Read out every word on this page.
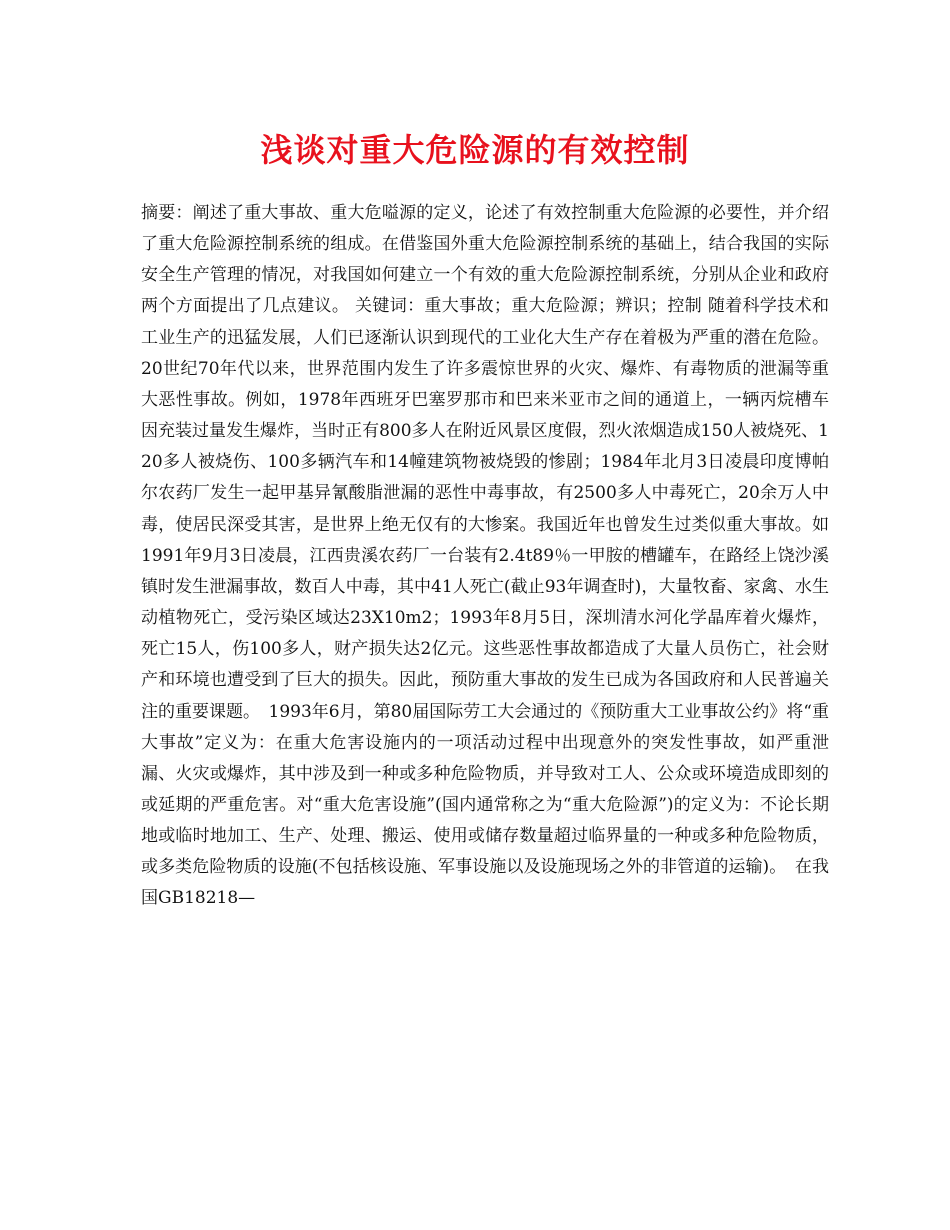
浅谈对重大危险源的有效控制

摘要：阐述了重大事故、重大危嗌源的定义，论述了有效控制重大危险源的必要性，并介绍了重大危险源控制系统的组成。在借鉴国外重大危险源控制系统的基础上，结合我国的实际安全生产管理的情况，对我国如何建立一个有效的重大危险源控制系统，分别从企业和政府两个方面提出了几点建议。 关键词：重大事故；重大危险源；辨识；控制 随着科学技术和工业生产的迅猛发展，人们已逐渐认识到现代的工业化大生产存在着极为严重的潜在危险。20世纪70年代以来，世界范围内发生了许多震惊世界的火灾、爆炸、有毒物质的泄漏等重大恶性事故。例如，1978年西班牙巴塞罗那市和巴来米亚市之间的通道上，一辆丙烷槽车因充装过量发生爆炸，当时正有800多人在附近风景区度假，烈火浓烟造成150人被烧死、120多人被烧伤、100多辆汽车和14幢建筑物被烧毁的惨剧；1984年北月3日凌晨印度博帕尔农药厂发生一起甲基异氰酸脂泄漏的恶性中毒事故，有2500多人中毒死亡，20余万人中毒，使居民深受其害，是世界上绝无仅有的大惨案。我国近年也曾发生过类似重大事故。如1991年9月3日凌晨，江西贵溪农药厂一台装有2.4t89％一甲胺的槽罐车，在路经上饶沙溪镇时发生泄漏事故，数百人中毒，其中41人死亡(截止93年调查时)，大量牧畜、家禽、水生动植物死亡，受污染区域达23X10m2；1993年8月5日，深圳清水河化学晶库着火爆炸，死亡15人，伤100多人，财产损失达2亿元。这些恶性事故都造成了大量人员伤亡，社会财产和环境也遭受到了巨大的损失。因此，预防重大事故的发生已成为各国政府和人民普遍关注的重要课题。　1993年6月，第80届国际劳工大会通过的《预防重大工业事故公约》将“重大事故”定义为：在重大危害设施内的一项活动过程中出现意外的突发性事故，如严重泄漏、火灾或爆炸，其中涉及到一种或多种危险物质，并导致对工人、公众或环境造成即刻的或延期的严重危害。对“重大危害设施”(国内通常称之为“重大危险源”)的定义为：不论长期地或临时地加工、生产、处理、搬运、使用或储存数量超过临界量的一种或多种危险物质，或多类危险物质的设施(不包括核设施、军事设施以及设施现场之外的非管道的运输)。　在我国GB18218—
